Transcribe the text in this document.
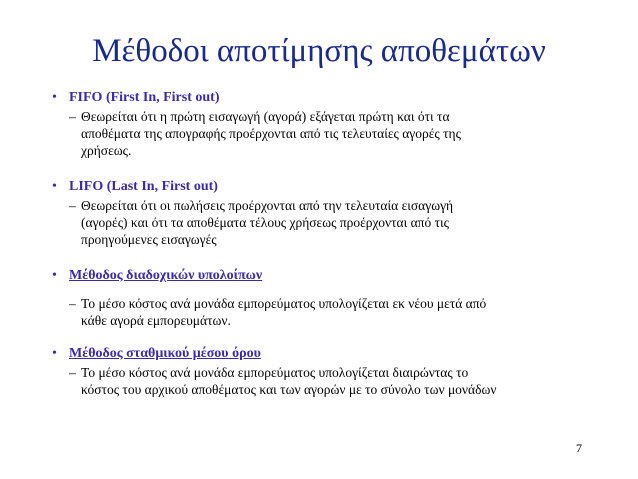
Μέθοδοι αποτίμησης αποθεμάτων
• FIFO (First In, First out)
– Θεωρείται ότι η πρώτη εισαγωγή (αγορά) εξάγεται πρώτη και ότι τα
αποθέματα της απογραφής προέρχονται από τις τελευταίες αγορές της
χρήσεως.
• LIFO (Last In, First out)
– Θεωρείται ότι οι πωλήσεις προέρχονται από την τελευταία εισαγωγή
(αγορές) και ότι τα αποθέματα τέλους χρήσεως προέρχονται από τις
προηγούμενες εισαγωγές
• Μέθοδος διαδοχικών υπολοίπων
– Το μέσο κόστος ανά μονάδα εμπορεύματος υπολογίζεται εκ νέου μετά από
κάθε αγορά εμπορευμάτων.
• Μέθοδος σταθμικού μέσου όρου
– Το μέσο κόστος ανά μονάδα εμπορεύματος υπολογίζεται διαιρώντας το
κόστος του αρχικού αποθέματος και των αγορών με το σύνολο των μονάδων
7
